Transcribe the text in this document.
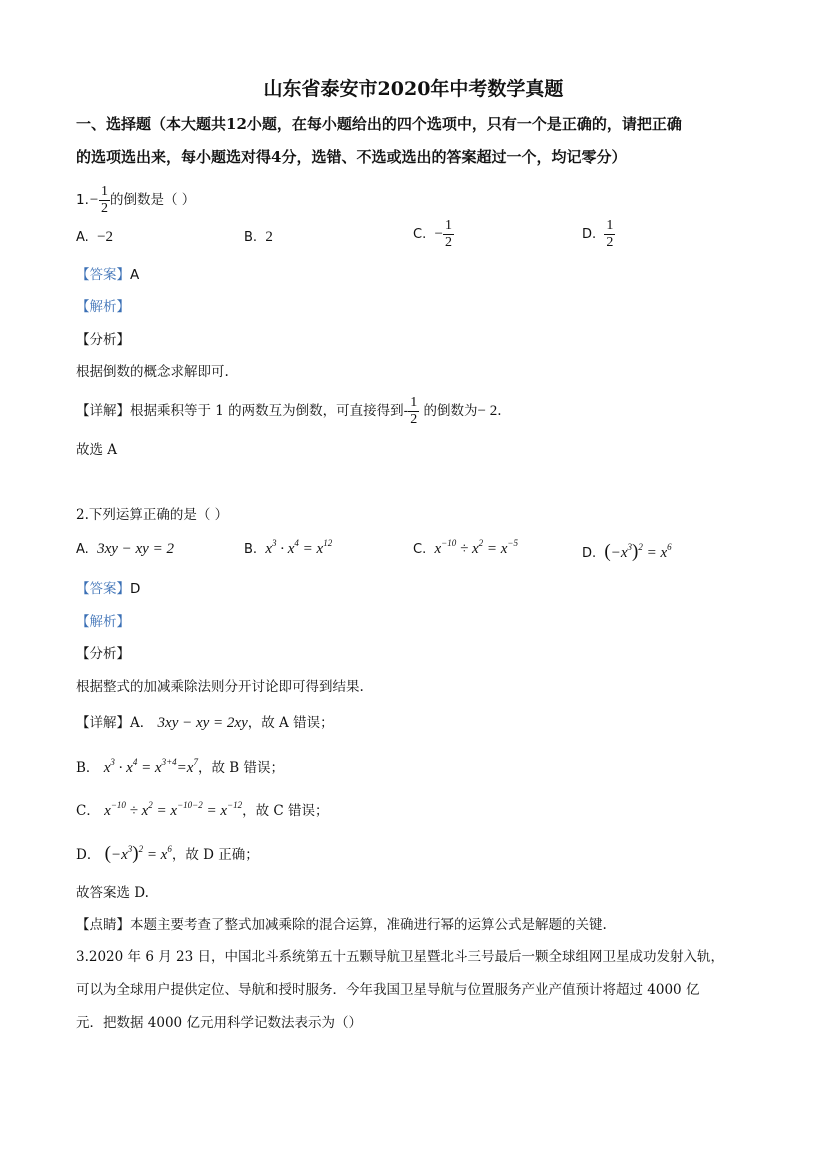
山东省泰安市2020年中考数学真题
一、选择题（本大题共12小题，在每小题给出的四个选项中，只有一个是正确的，请把正确
的选项选出来，每小题选对得4分，选错、不选或选出的答案超过一个，均记零分）
$1.- \frac{1}{2}$ 的倒数是（ ）
A. −2	B. 2	C. − $\frac{1}{2}$	D. $\frac{1}{2}$
【答案】A
【解析】
【分析】
根据倒数的概念求解即可.
【详解】根据乘积等于 1 的两数互为倒数，可直接得到- $\frac{1}{2}$ 的倒数为− 2.
故选 A
2.下列运算正确的是（ ）
A. 3xy − xy = 2	B. $x^3 \cdot x^4 = x^{12}$	C. $x^{-10} \div x^2 = x^{-5}$
D. $(-x^3)^2 = x^6$
【答案】D
【解析】
【分析】
根据整式的加减乘除法则分开讨论即可得到结果.
【详解】A． 3xy − xy = 2xy，故 A 错误；
B． $x^3 \cdot x^4 = x^{3+4}=x^7$，故 B 错误；
C． $x^{-10} \div x^2 = x^{-10-2} = x^{-12}$，故 C 错误；
D． $(-x^3)^2 = x^6$，故 D 正确；
故答案选 D.
【点睛】本题主要考查了整式加减乘除的混合运算，准确进行幂的运算公式是解题的关键.
3.2020 年 6 月 23 日，中国北斗系统第五十五颗导航卫星暨北斗三号最后一颗全球组网卫星成功发射入轨，
可以为全球用户提供定位、导航和授时服务．今年我国卫星导航与位置服务产业产值预计将超过 4000 亿
元．把数据 4000 亿元用科学记数法表示为（）
